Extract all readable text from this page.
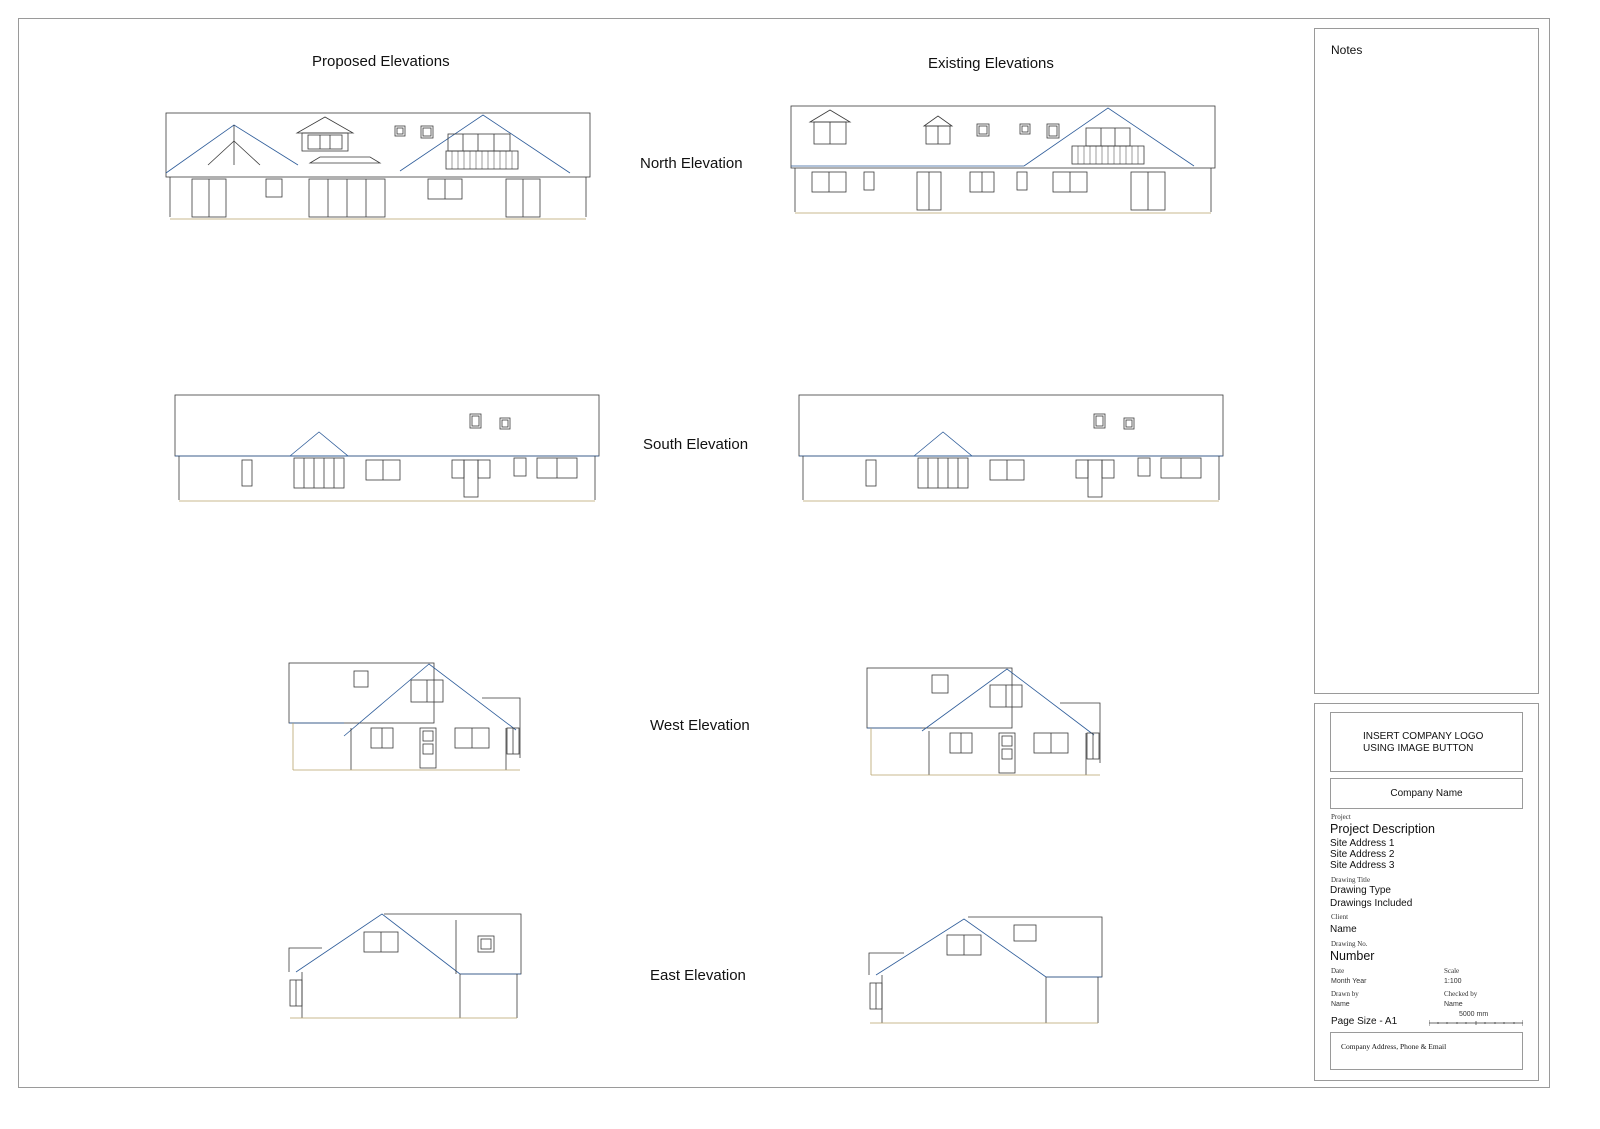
Proposed Elevations	Existing Elevations
North Elevation
South Elevation
West Elevation
East Elevation
Notes
INSERT COMPANY LOGO
USING IMAGE BUTTON
Company Name
Project
Project Description
Site Address 1
Site Address 2
Site Address 3
Drawing Title
Drawing Type
Drawings Included
Client
Name
Drawing No.
Number
Date	Scale
Month Year	1:100
Drawn by	Checked by
Name	Name
Page Size - A1
5000 mm
Company Address, Phone & Email
